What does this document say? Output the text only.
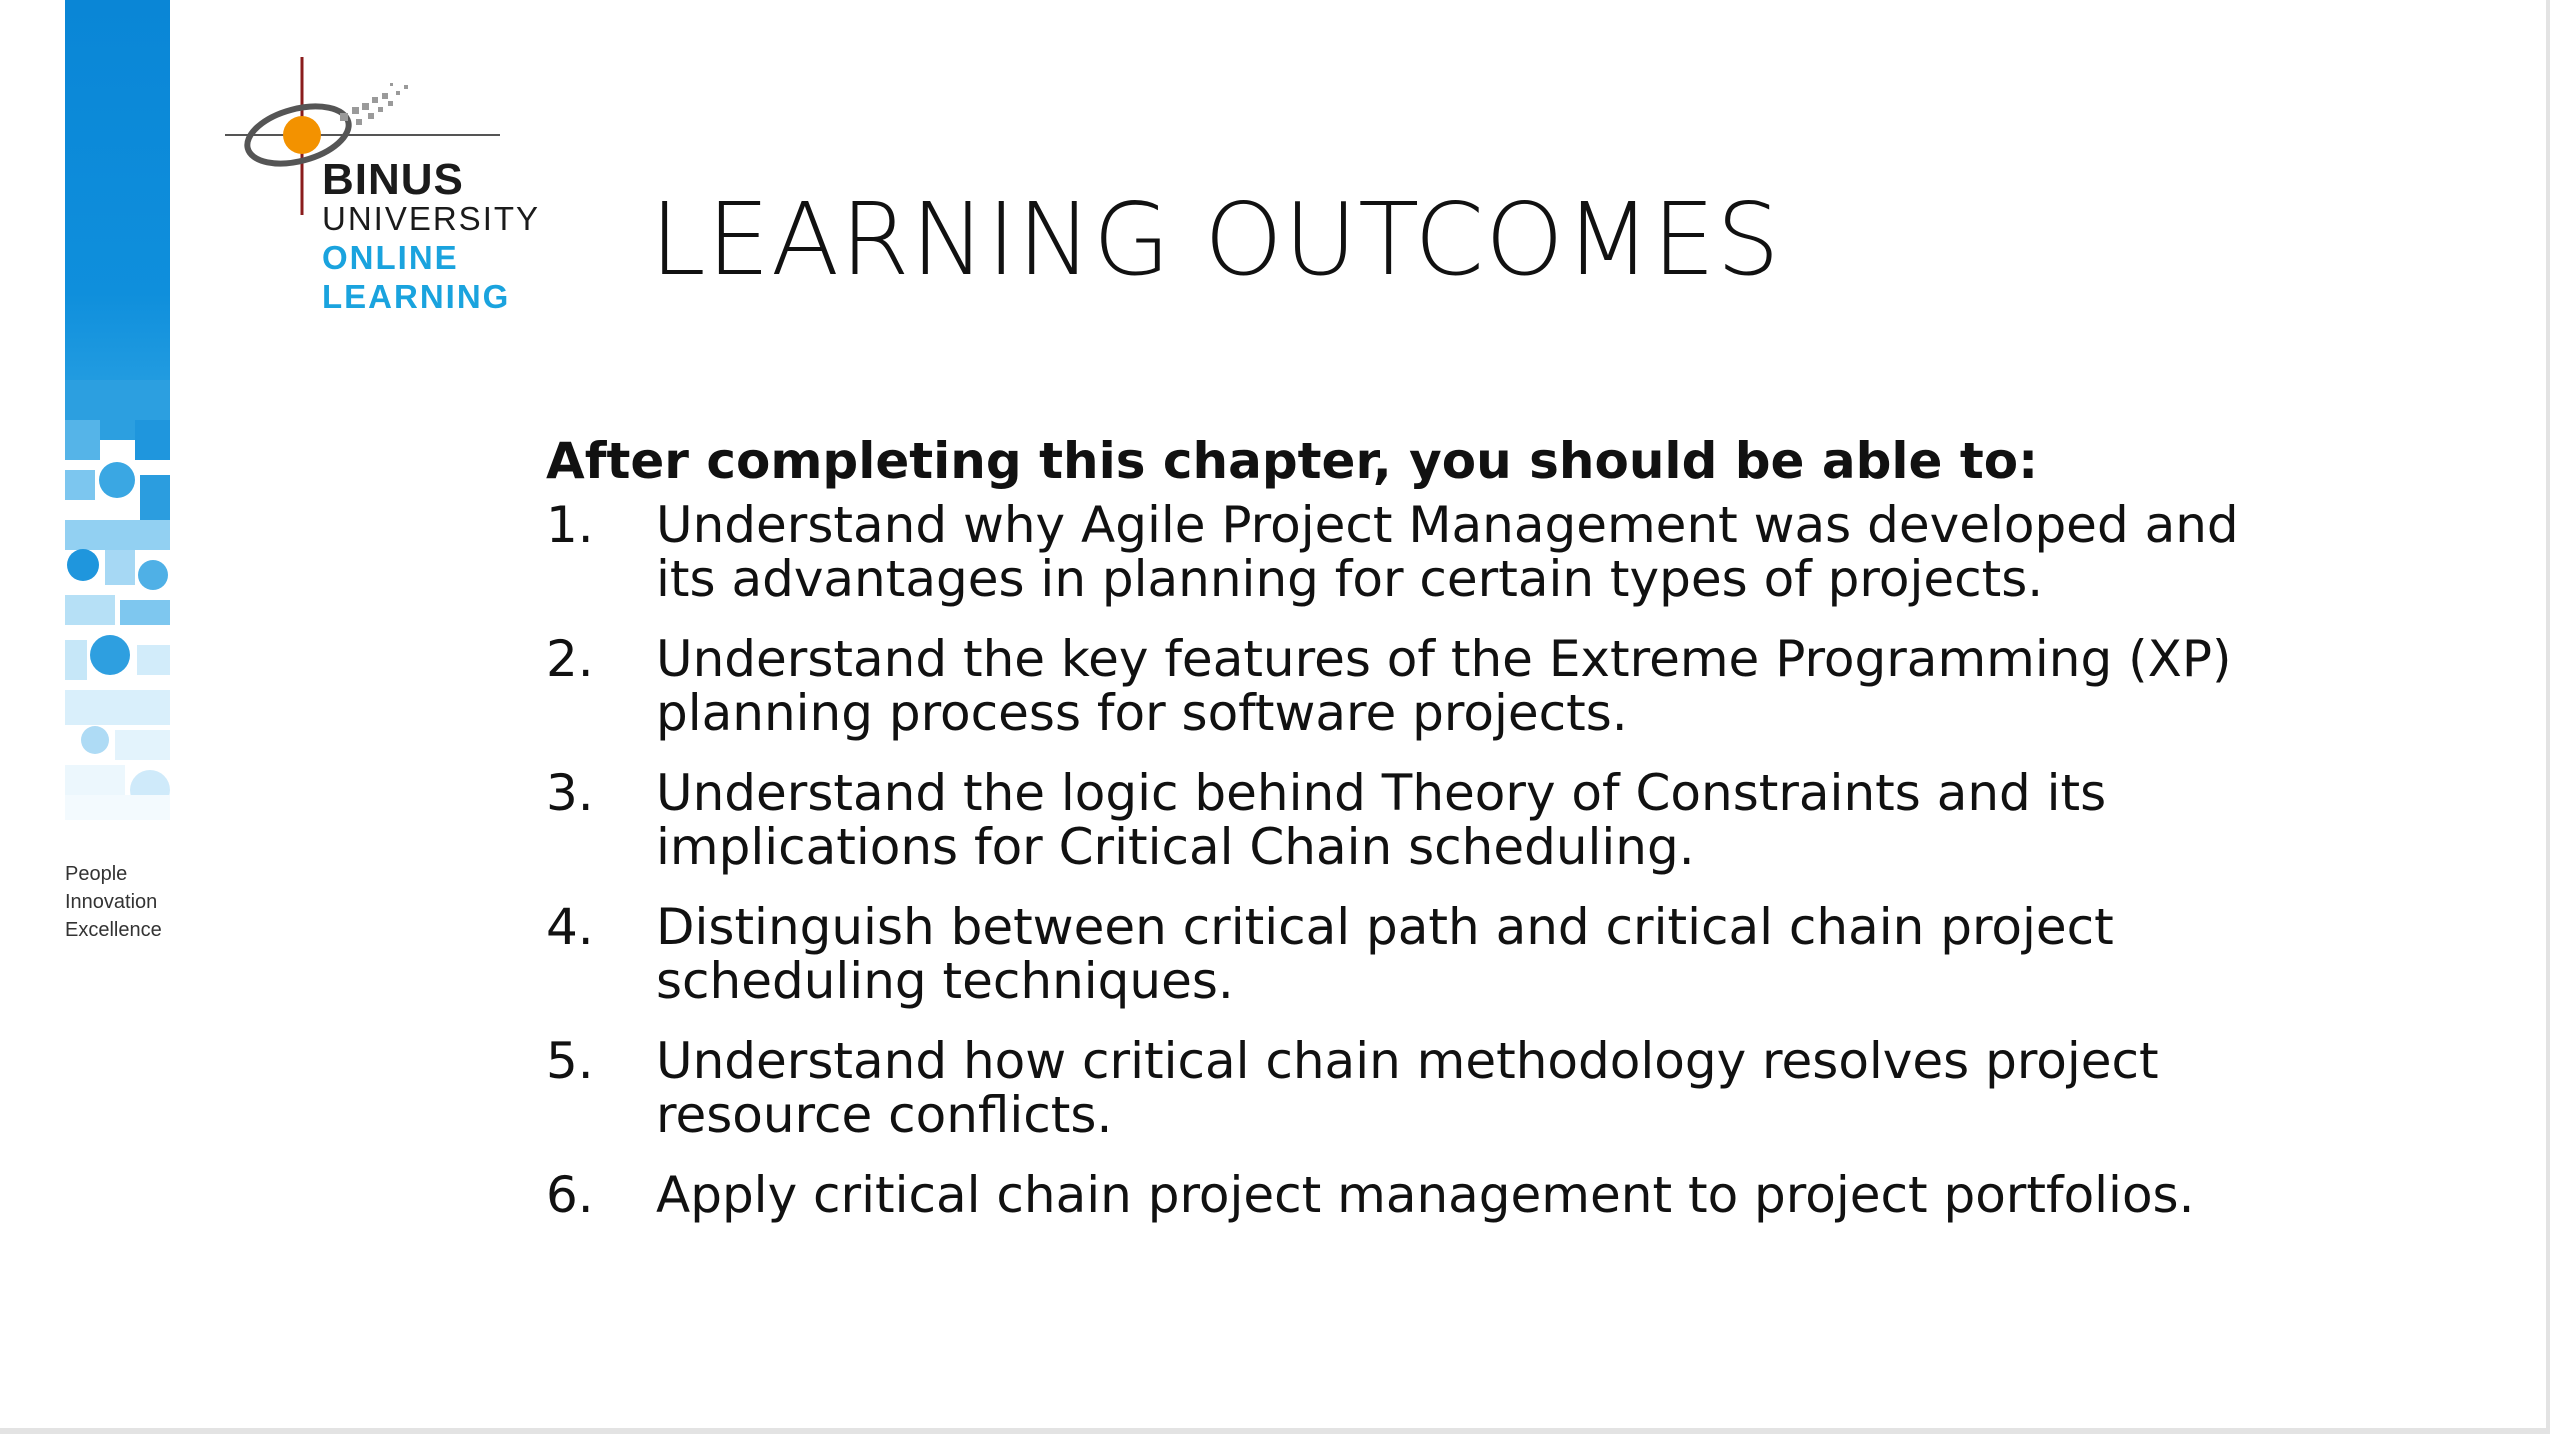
People
Innovation
Excellence
BINUS
UNIVERSITY
ONLINE
LEARNING LEARNING OUTCOMES
After completing this chapter, you should be able to:
1. Understand why Agile Project Management was developed and its advantages in planning for certain types of projects.
2. Understand the key features of the Extreme Programming (XP) planning process for software projects.
3. Understand the logic behind Theory of Constraints and its implications for Critical Chain scheduling.
4. Distinguish between critical path and critical chain project scheduling techniques.
5. Understand how critical chain methodology resolves project resource conflicts.
6. Apply critical chain project management to project portfolios.
